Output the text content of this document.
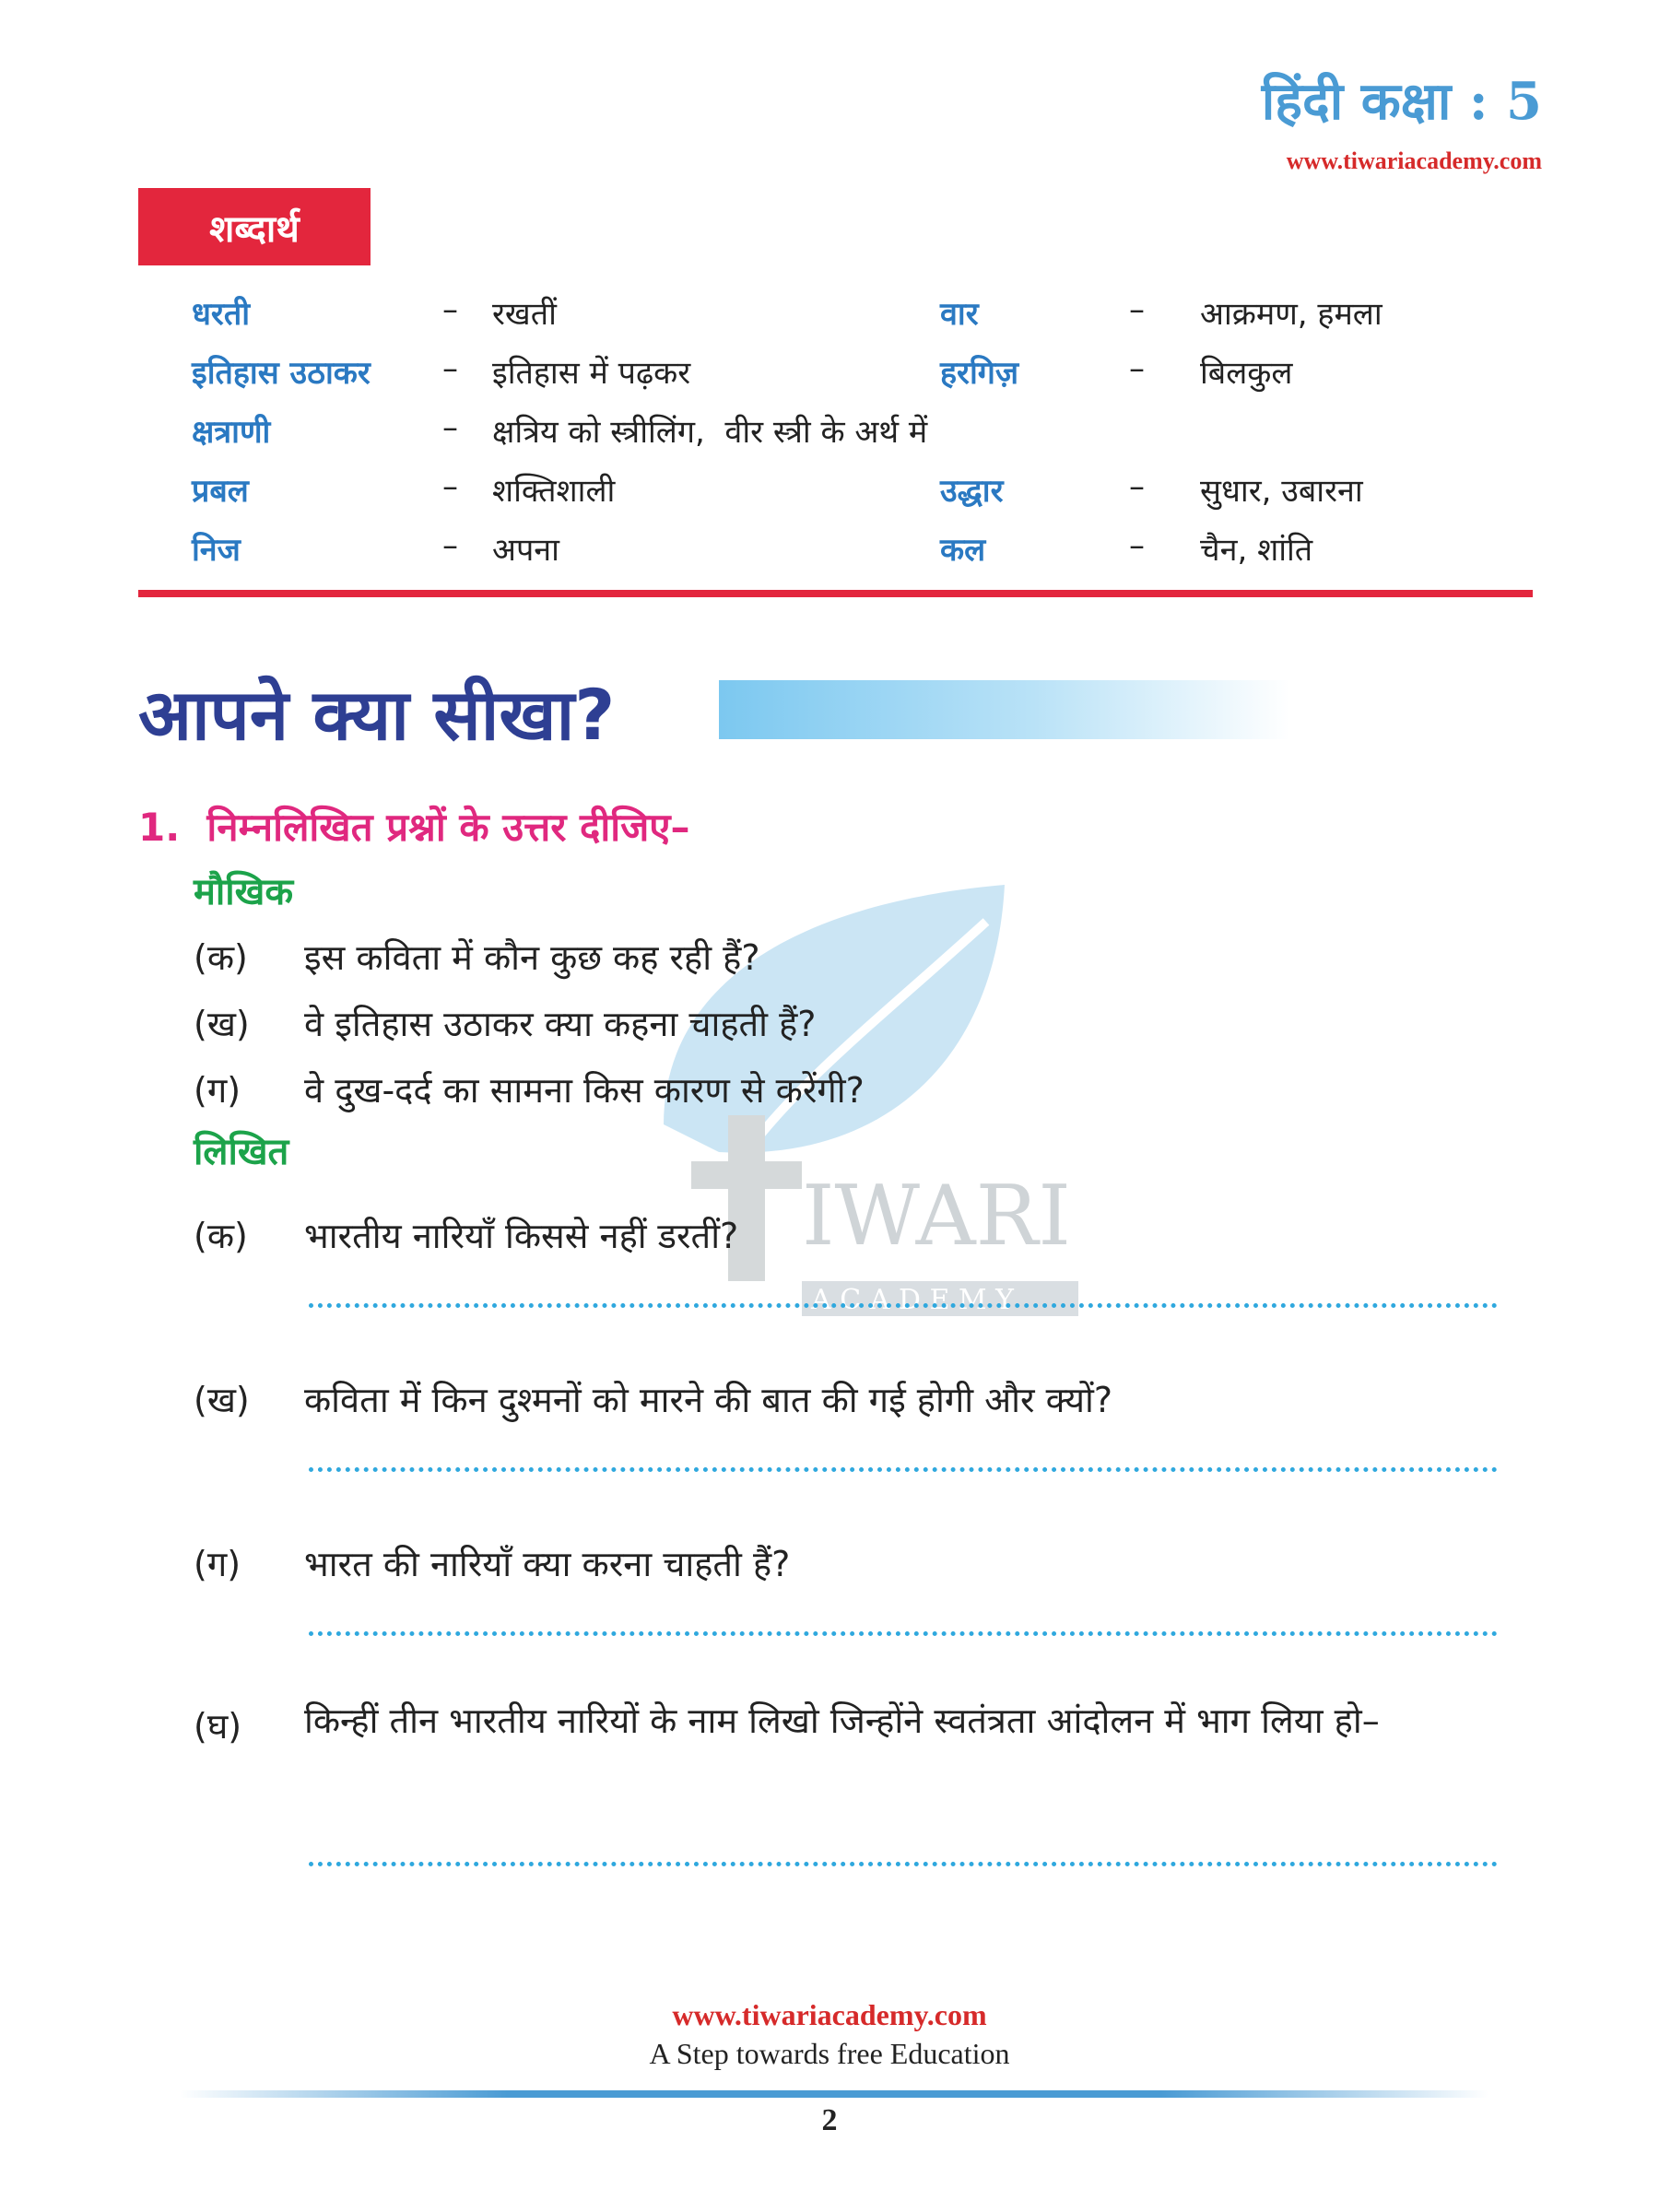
हिंदी कक्षा : 5
www.tiwariacademy.com
IWARI
A C A D E M Y
शब्दार्थ
धरती	– रखतीं	वार	– आक्रमण, हमला
इतिहास उठाकर – इतिहास में पढ़कर	हरगिज़	– बिलकुल
क्षत्राणी	– क्षत्रिय को स्त्रीलिंग,  वीर स्त्री के अर्थ में
प्रबल	– शक्तिशाली	उद्धार	– सुधार, उबारना
निज	– अपना	कल	– चैन, शांति
आपने क्या सीखा?
1.  निम्नलिखित प्रश्नों के उत्तर दीजिए–
मौखिक
(क) इस कविता में कौन कुछ कह रही हैं?
(ख) वे इतिहास उठाकर क्या कहना चाहती हैं?
(ग) वे दुख-दर्द का सामना किस कारण से करेंगी?
लिखित
(क) भारतीय नारियाँ किससे नहीं डरतीं?
(ख) कविता में किन दुश्मनों को मारने की बात की गई होगी और क्यों?
(ग) भारत की नारियाँ क्या करना चाहती हैं?
(घ) किन्हीं तीन भारतीय नारियों के नाम लिखो जिन्होंने स्वतंत्रता आंदोलन में भाग लिया हो–
www.tiwariacademy.com
A Step towards free Education
2
